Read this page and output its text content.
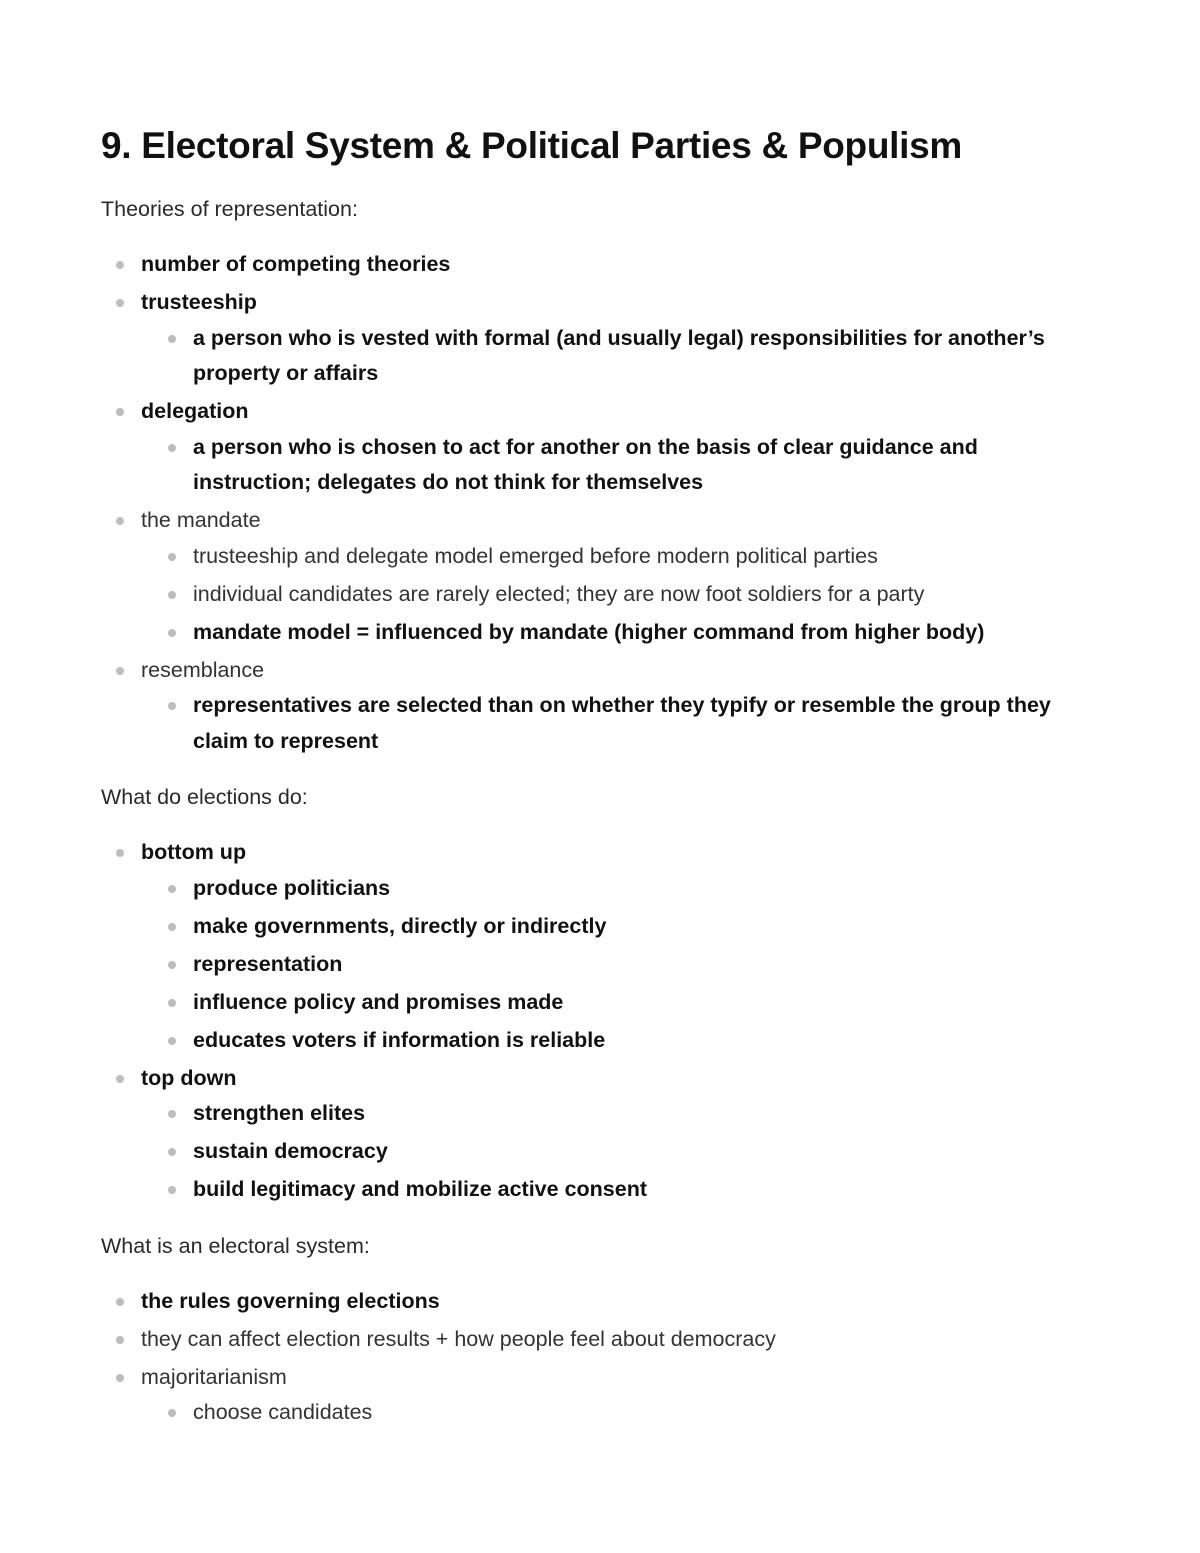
9. Electoral System & Political Parties & Populism

Theories of representation:

number of competing theories
trusteeship
a person who is vested with formal (and usually legal) responsibilities for another’s property or affairs
delegation
a person who is chosen to act for another on the basis of clear guidance and instruction; delegates do not think for themselves
the mandate
trusteeship and delegate model emerged before modern political parties
individual candidates are rarely elected; they are now foot soldiers for a party
mandate model = influenced by mandate (higher command from higher body)
resemblance
representatives are selected than on whether they typify or resemble the group they claim to represent

What do elections do:

bottom up
produce politicians
make governments, directly or indirectly
representation
influence policy and promises made
educates voters if information is reliable
top down
strengthen elites
sustain democracy
build legitimacy and mobilize active consent

What is an electoral system:

the rules governing elections
they can affect election results + how people feel about democracy
majoritarianism
choose candidates
